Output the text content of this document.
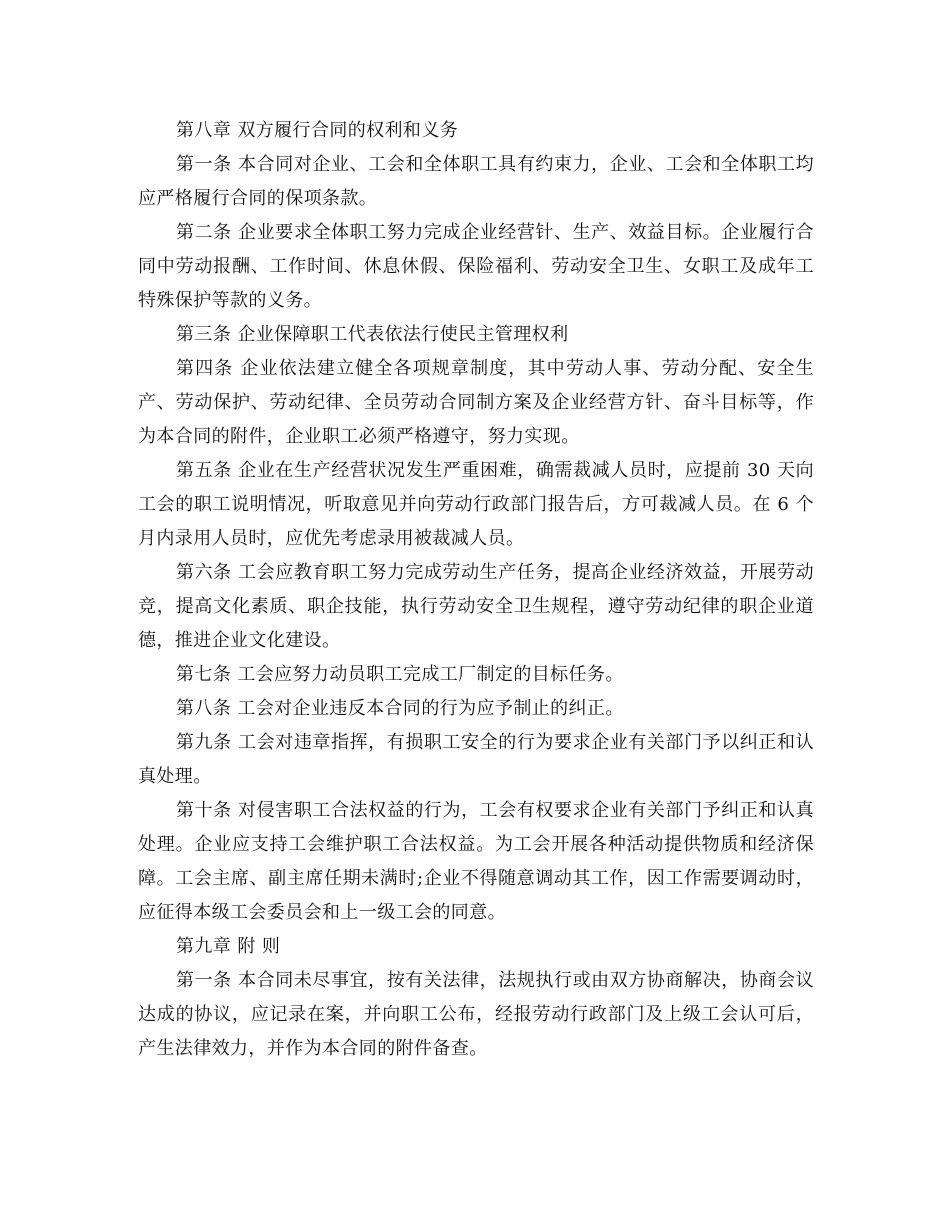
第八章 双方履行合同的权利和义务

第一条 本合同对企业、工会和全体职工具有约束力，企业、工会和全体职工均应严格履行合同的保项条款。

第二条 企业要求全体职工努力完成企业经营针、生产、效益目标。企业履行合同中劳动报酬、工作时间、休息休假、保险福利、劳动安全卫生、女职工及成年工特殊保护等款的义务。

第三条 企业保障职工代表依法行使民主管理权利

第四条 企业依法建立健全各项规章制度，其中劳动人事、劳动分配、安全生产、劳动保护、劳动纪律、全员劳动合同制方案及企业经营方针、奋斗目标等，作为本合同的附件，企业职工必须严格遵守，努力实现。

第五条 企业在生产经营状况发生严重困难，确需裁减人员时，应提前 30 天向工会的职工说明情况，听取意见并向劳动行政部门报告后，方可裁减人员。在 6 个月内录用人员时，应优先考虑录用被裁减人员。

第六条 工会应教育职工努力完成劳动生产任务，提高企业经济效益，开展劳动竞，提高文化素质、职企技能，执行劳动安全卫生规程，遵守劳动纪律的职企业道德，推进企业文化建设。

第七条 工会应努力动员职工完成工厂制定的目标任务。

第八条 工会对企业违反本合同的行为应予制止的纠正。

第九条 工会对违章指挥，有损职工安全的行为要求企业有关部门予以纠正和认真处理。

第十条 对侵害职工合法权益的行为，工会有权要求企业有关部门予纠正和认真处理。企业应支持工会维护职工合法权益。为工会开展各种活动提供物质和经济保障。工会主席、副主席任期未满时;企业不得随意调动其工作，因工作需要调动时，应征得本级工会委员会和上一级工会的同意。

第九章 附 则

第一条 本合同未尽事宜，按有关法律，法规执行或由双方协商解决，协商会议达成的协议，应记录在案，并向职工公布，经报劳动行政部门及上级工会认可后，产生法律效力，并作为本合同的附件备查。
